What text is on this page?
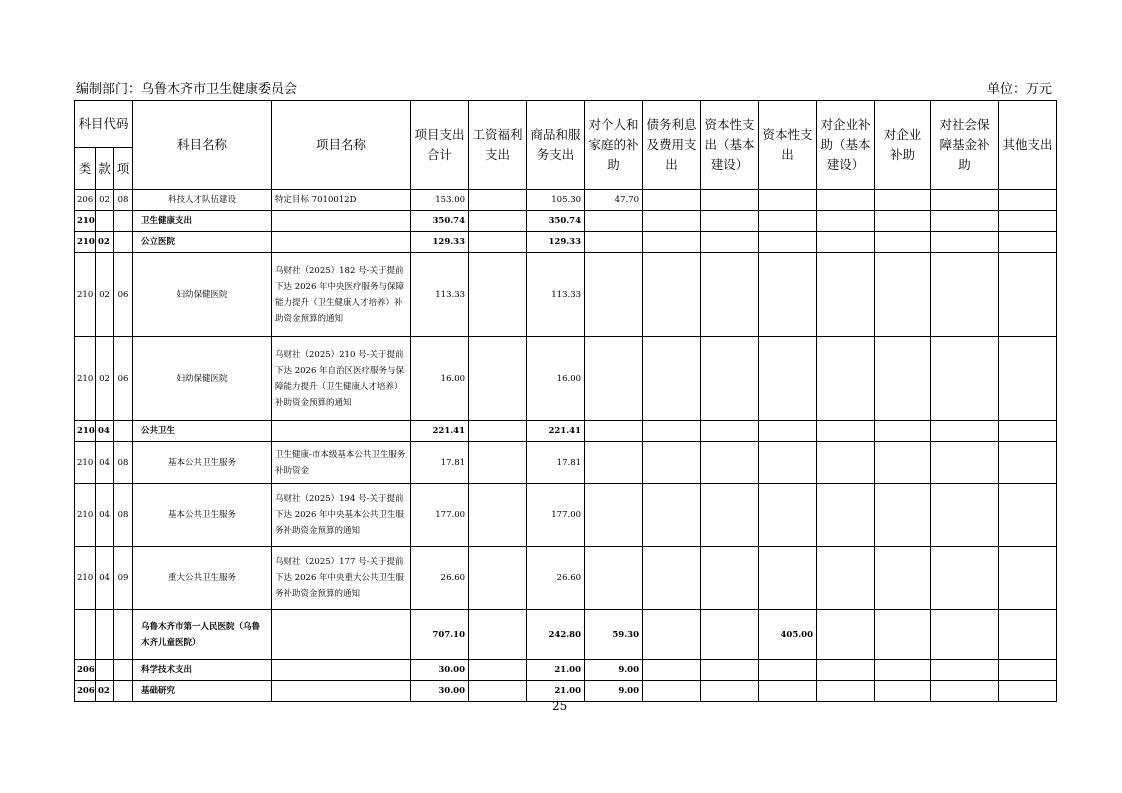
编制部门：乌鲁木齐市卫生健康委员会	单位：万元
科目代码			科目名称	项目名称	项目支出合计	工资福利支出	商品和服务支出	对个人和家庭的补助	债务利息及费用支出	资本性支出（基本建设）	资本性支出	对企业补助（基本建设）	对企业补助	对社会保障基金补助	其他支出
类	款	项													
206	02	08	科技人才队伍建设	特定目标 7010012D	153.00		105.30	47.70							
210			卫生健康支出		350.74		350.74								
210	02		公立医院		129.33		129.33								
210	02	06	妇幼保健医院	乌财社（2025）182 号-关于提前下达 2026 年中央医疗服务与保障能力提升（卫生健康人才培养）补助资金预算的通知	113.33		113.33								
210	02	06	妇幼保健医院	乌财社（2025）210 号-关于提前下达 2026 年自治区医疗服务与保障能力提升（卫生健康人才培养）补助资金预算的通知	16.00		16.00								
210	04		公共卫生		221.41		221.41								
210	04	08	基本公共卫生服务	卫生健康-市本级基本公共卫生服务补助资金	17.81		17.81								
210	04	08	基本公共卫生服务	乌财社（2025）194 号-关于提前下达 2026 年中央基本公共卫生服务补助资金预算的通知	177.00		177.00								
210	04	09	重大公共卫生服务	乌财社（2025）177 号-关于提前下达 2026 年中央重大公共卫生服务补助资金预算的通知	26.60		26.60								
			乌鲁木齐市第一人民医院（乌鲁木齐儿童医院）		707.10		242.80	59.30			405.00				
206			科学技术支出		30.00		21.00	9.00							
206	02		基础研究		30.00		21.00	9.00							
25
